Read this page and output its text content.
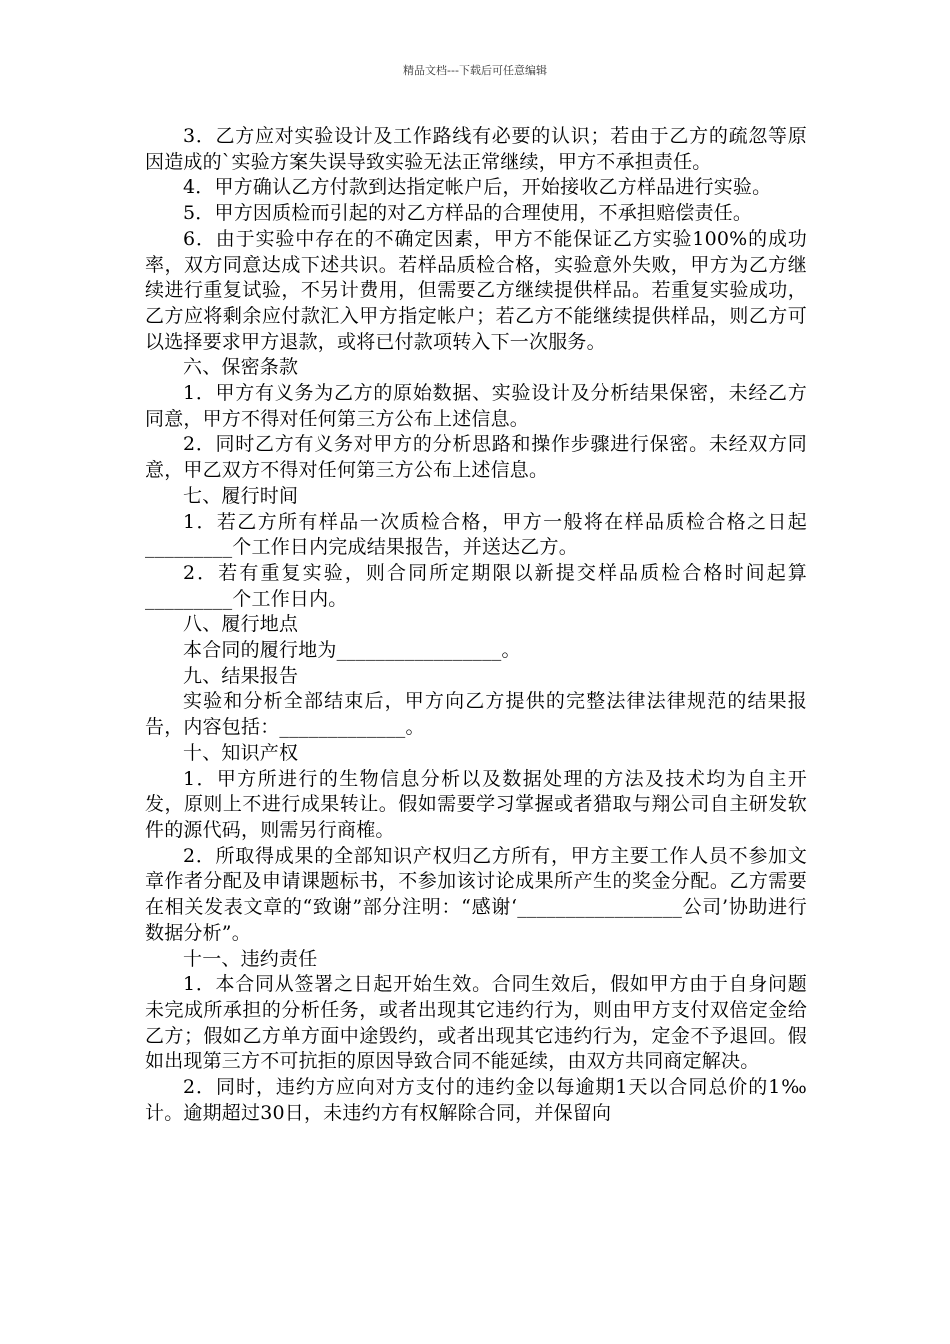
精品文档---下载后可任意编辑

3．乙方应对实验设计及工作路线有必要的认识；若由于乙方的疏忽等原因造成的`实验方案失误导致实验无法正常继续，甲方不承担责任。

4．甲方确认乙方付款到达指定帐户后，开始接收乙方样品进行实验。

5．甲方因质检而引起的对乙方样品的合理使用，不承担赔偿责任。

6．由于实验中存在的不确定因素，甲方不能保证乙方实验100%的成功率，双方同意达成下述共识。若样品质检合格，实验意外失败，甲方为乙方继续进行重复试验，不另计费用，但需要乙方继续提供样品。若重复实验成功，乙方应将剩余应付款汇入甲方指定帐户；若乙方不能继续提供样品，则乙方可以选择要求甲方退款，或将已付款项转入下一次服务。

六、保密条款

1．甲方有义务为乙方的原始数据、实验设计及分析结果保密，未经乙方同意，甲方不得对任何第三方公布上述信息。

2．同时乙方有义务对甲方的分析思路和操作步骤进行保密。未经双方同意，甲乙双方不得对任何第三方公布上述信息。

七、履行时间

1．若乙方所有样品一次质检合格，甲方一般将在样品质检合格之日起_________个工作日内完成结果报告，并送达乙方。

2．若有重复实验，则合同所定期限以新提交样品质检合格时间起算_________个工作日内。

八、履行地点

本合同的履行地为_________________。

九、结果报告

实验和分析全部结束后，甲方向乙方提供的完整法律法律规范的结果报告，内容包括：_____________。

十、知识产权

1．甲方所进行的生物信息分析以及数据处理的方法及技术均为自主开发，原则上不进行成果转让。假如需要学习掌握或者猎取与翔公司自主研发软件的源代码，则需另行商榷。

2．所取得成果的全部知识产权归乙方所有，甲方主要工作人员不参加文章作者分配及申请课题标书，不参加该讨论成果所产生的奖金分配。乙方需要在相关发表文章的“致谢”部分注明：“感谢‘_________________公司’协助进行数据分析”。

十一、违约责任

1．本合同从签署之日起开始生效。合同生效后，假如甲方由于自身问题未完成所承担的分析任务，或者出现其它违约行为，则由甲方支付双倍定金给乙方；假如乙方单方面中途毁约，或者出现其它违约行为，定金不予退回。假如出现第三方不可抗拒的原因导致合同不能延续，由双方共同商定解决。

2．同时，违约方应向对方支付的违约金以每逾期1天以合同总价的1‰计。逾期超过30日，未违约方有权解除合同，并保留向
